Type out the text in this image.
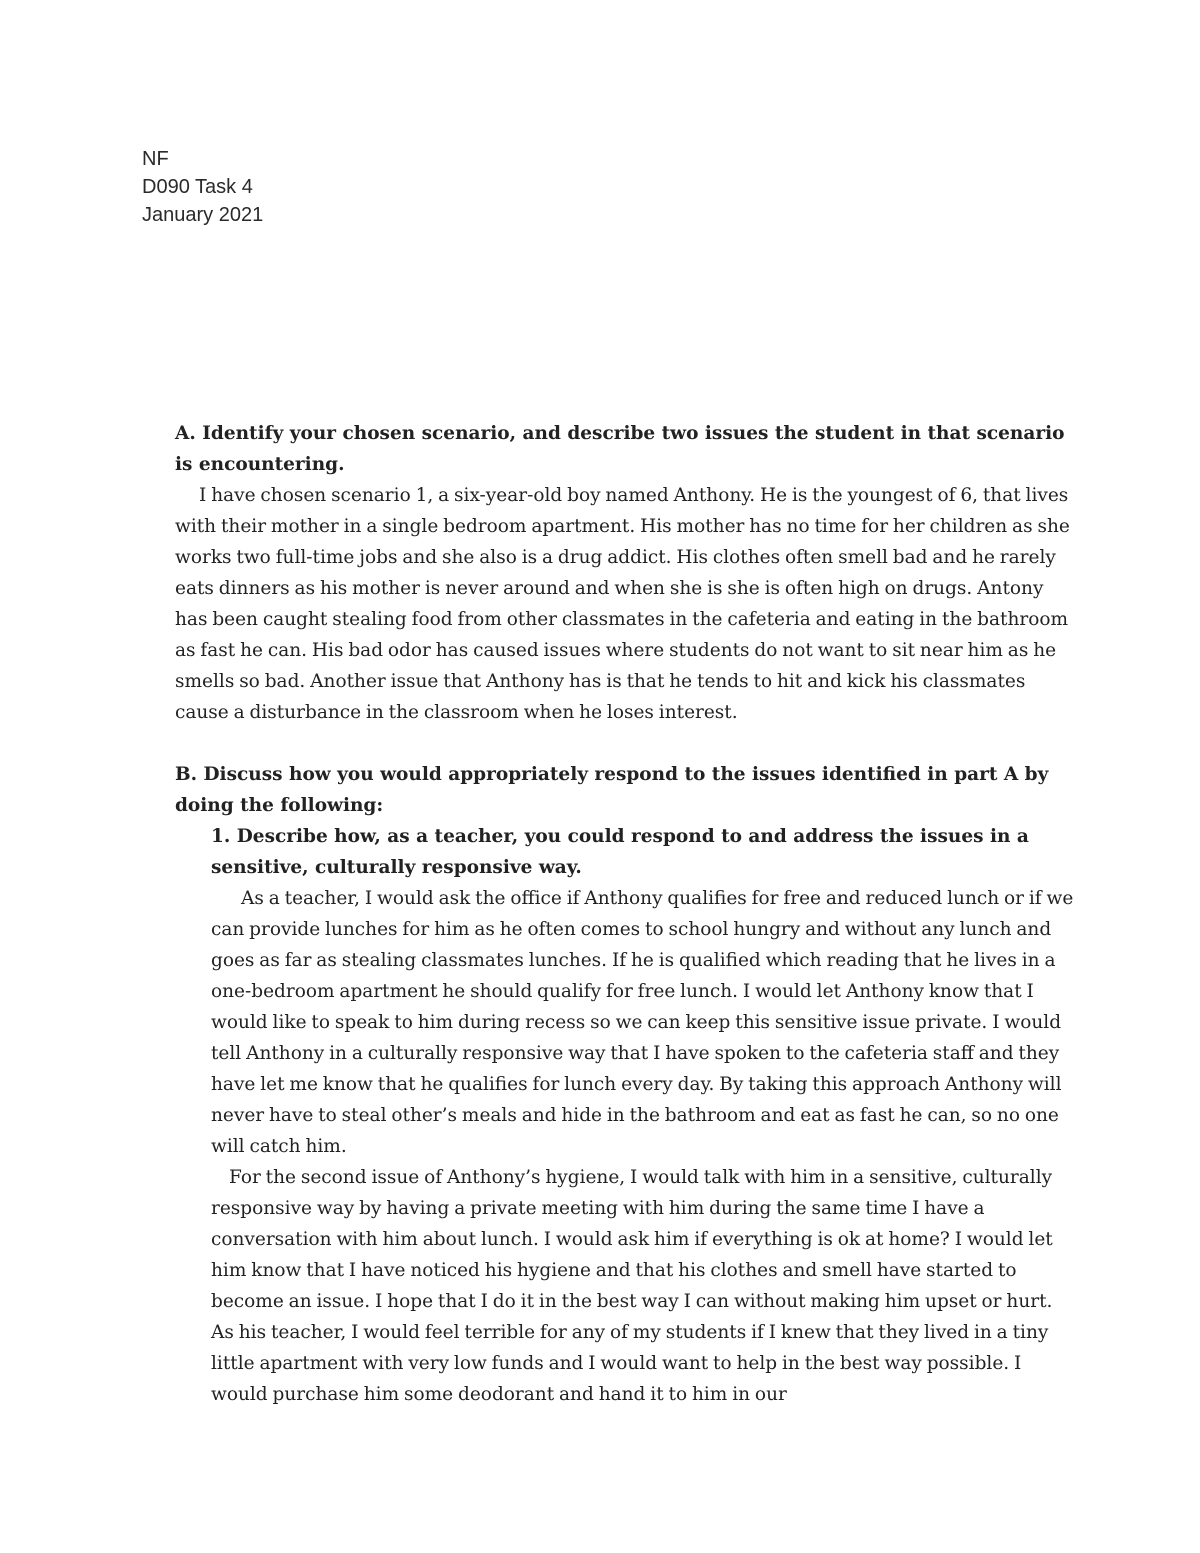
NF
D090 Task 4
January 2021

A. Identify your chosen scenario, and describe two issues the student in that scenario is encountering.

I have chosen scenario 1, a six-year-old boy named Anthony. He is the youngest of 6, that lives with their mother in a single bedroom apartment. His mother has no time for her children as she works two full-time jobs and she also is a drug addict. His clothes often smell bad and he rarely eats dinners as his mother is never around and when she is she is often high on drugs. Antony has been caught stealing food from other classmates in the cafeteria and eating in the bathroom as fast he can. His bad odor has caused issues where students do not want to sit near him as he smells so bad. Another issue that Anthony has is that he tends to hit and kick his classmates cause a disturbance in the classroom when he loses interest.

B. Discuss how you would appropriately respond to the issues identified in part A by doing the following:

1. Describe how, as a teacher, you could respond to and address the issues in a sensitive, culturally responsive way.

As a teacher, I would ask the office if Anthony qualifies for free and reduced lunch or if we can provide lunches for him as he often comes to school hungry and without any lunch and goes as far as stealing classmates lunches. If he is qualified which reading that he lives in a one-bedroom apartment he should qualify for free lunch. I would let Anthony know that I would like to speak to him during recess so we can keep this sensitive issue private. I would tell Anthony in a culturally responsive way that I have spoken to the cafeteria staff and they have let me know that he qualifies for lunch every day. By taking this approach Anthony will never have to steal other’s meals and hide in the bathroom and eat as fast he can, so no one will catch him.

For the second issue of Anthony’s hygiene, I would talk with him in a sensitive, culturally responsive way by having a private meeting with him during the same time I have a conversation with him about lunch. I would ask him if everything is ok at home? I would let him know that I have noticed his hygiene and that his clothes and smell have started to become an issue. I hope that I do it in the best way I can without making him upset or hurt. As his teacher, I would feel terrible for any of my students if I knew that they lived in a tiny little apartment with very low funds and I would want to help in the best way possible. I would purchase him some deodorant and hand it to him in our
